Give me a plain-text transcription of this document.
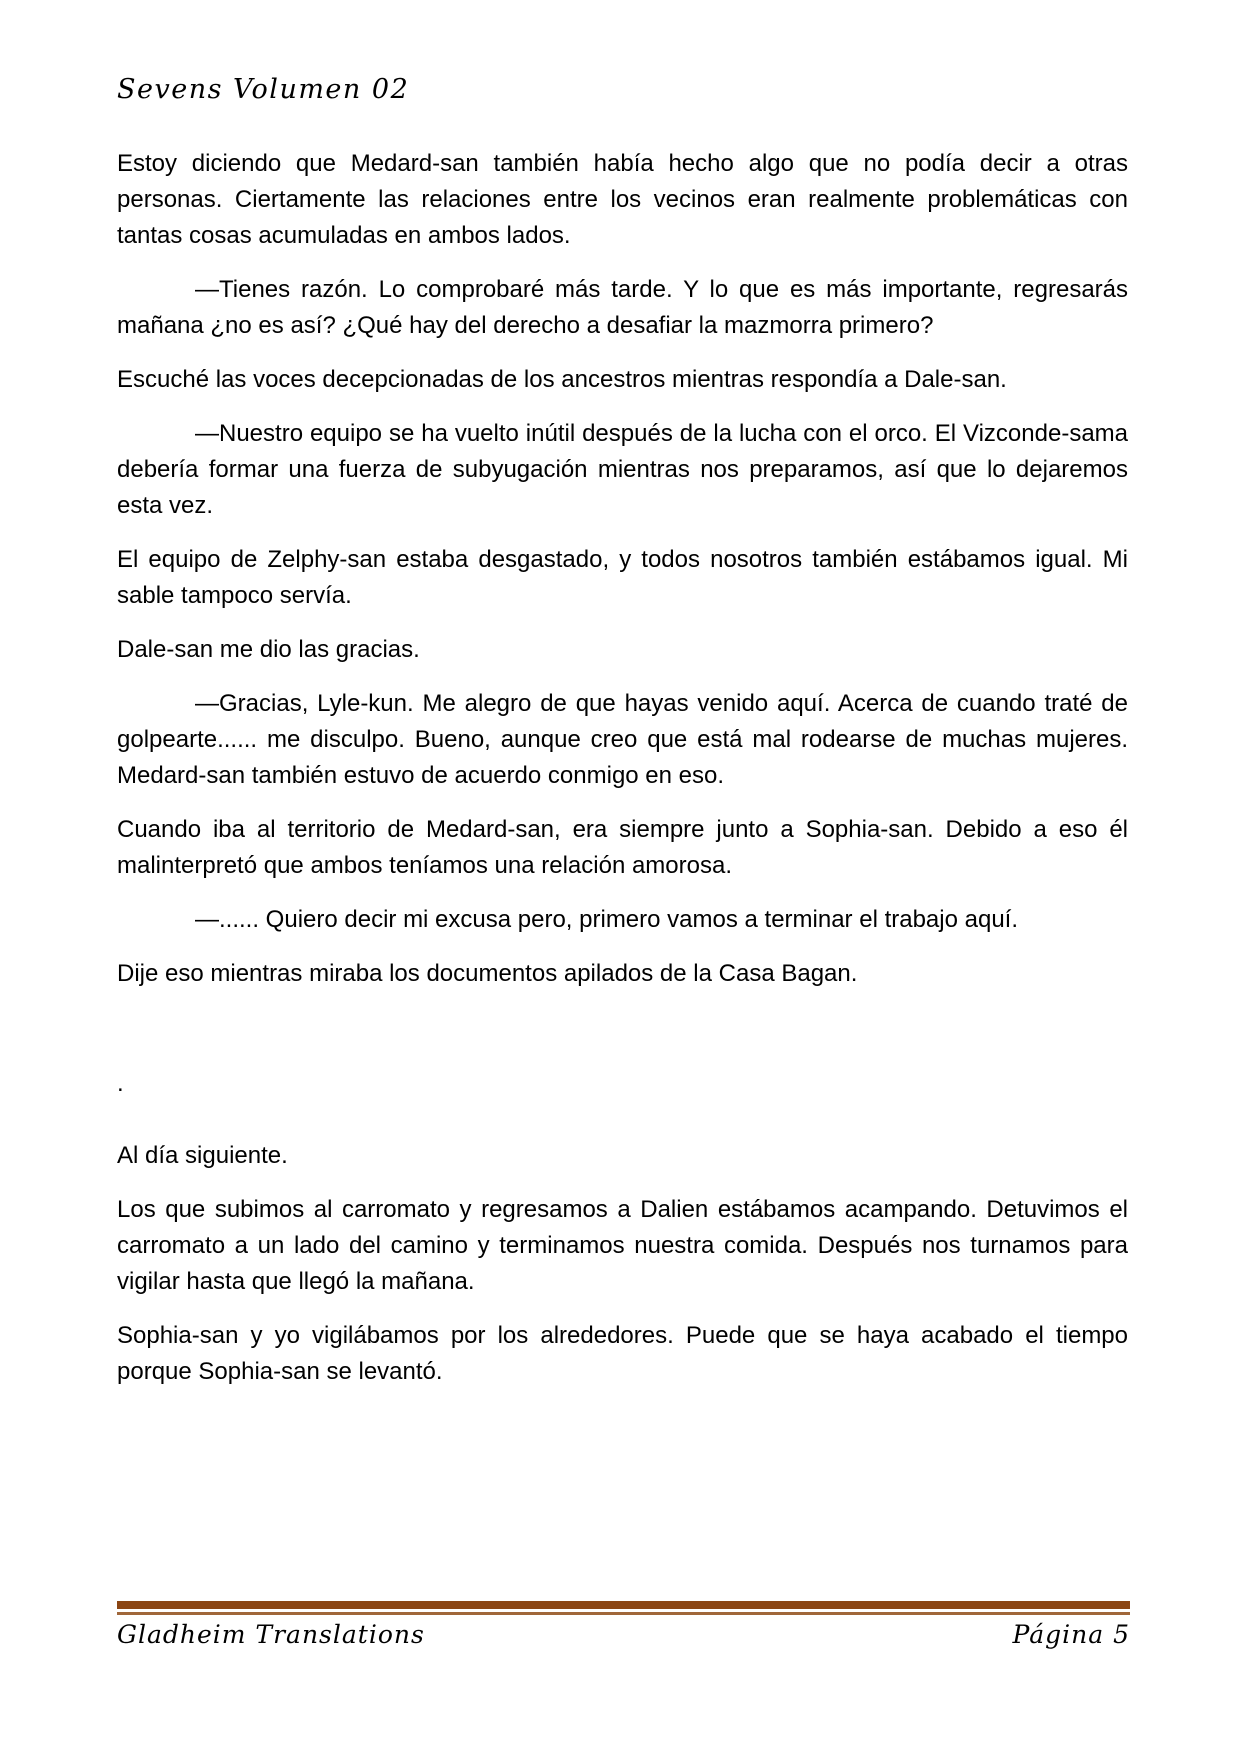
Sevens Volumen 02

Estoy diciendo que Medard-san también había hecho algo que no podía decir a otras personas. Ciertamente las relaciones entre los vecinos eran realmente problemáticas con tantas cosas acumuladas en ambos lados.

—Tienes razón. Lo comprobaré más tarde. Y lo que es más importante, regresarás mañana ¿no es así? ¿Qué hay del derecho a desafiar la mazmorra primero?

Escuché las voces decepcionadas de los ancestros mientras respondía a Dale-san.

—Nuestro equipo se ha vuelto inútil después de la lucha con el orco. El Vizconde-sama debería formar una fuerza de subyugación mientras nos preparamos, así que lo dejaremos esta vez.

El equipo de Zelphy-san estaba desgastado, y todos nosotros también estábamos igual. Mi sable tampoco servía.

Dale-san me dio las gracias.

—Gracias, Lyle-kun. Me alegro de que hayas venido aquí. Acerca de cuando traté de golpearte...... me disculpo. Bueno, aunque creo que está mal rodearse de muchas mujeres. Medard-san también estuvo de acuerdo conmigo en eso.

Cuando iba al territorio de Medard-san, era siempre junto a Sophia-san. Debido a eso él malinterpretó que ambos teníamos una relación amorosa.

—...... Quiero decir mi excusa pero, primero vamos a terminar el trabajo aquí.

Dije eso mientras miraba los documentos apilados de la Casa Bagan.

.

Al día siguiente.

Los que subimos al carromato y regresamos a Dalien estábamos acampando. Detuvimos el carromato a un lado del camino y terminamos nuestra comida. Después nos turnamos para vigilar hasta que llegó la mañana.

Sophia-san y yo vigilábamos por los alrededores. Puede que se haya acabado el tiempo porque Sophia-san se levantó.

Gladheim Translations	Página 5
